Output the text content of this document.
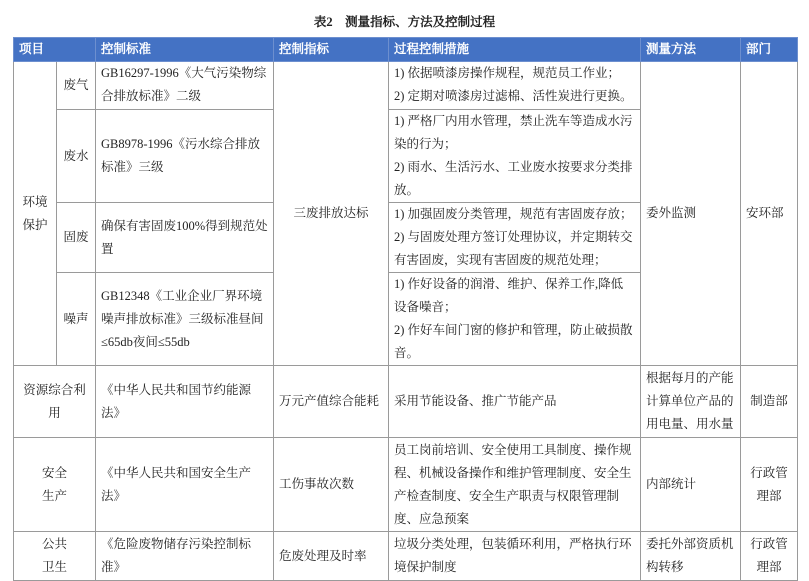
表2　测量指标、方法及控制过程
项目		控制标准	控制指标	过程控制措施	测量方法	部门
环境保护	废气	GB16297-1996《大气污染物综合排放标准》二级	三废排放达标	1) 依据喷漆房操作规程，规范员工作业；

2) 定期对喷漆房过滤棉、活性炭进行更换。	委外监测	安环部
	废水	GB8978-1996《污水综合排放标准》三级		1) 严格厂内用水管理，禁止洗车等造成水污染的行为；

2) 雨水、生活污水、工业废水按要求分类排放。		

	固废	确保有害固废100%得到规范处置		1) 加强固废分类管理，规范有害固废存放；

2) 与固废处理方签订处理协议，并定期转交有害固废，实现有害固废的规范处理；		

	噪声	GB12348《工业企业厂界环境噪声排放标准》三级标准昼间≤65db夜间≤55db		1) 作好设备的润滑、维护、保养工作,降低设备噪音；

2) 作好车间门窗的修护和管理，防止破损散音。		

资源综合利用		《中华人民共和国节约能源法》	万元产值综合能耗	采用节能设备、推广节能产品	根据每月的产能计算单位产品的用电量、用水量	制造部
安全生产		《中华人民共和国安全生产法》	工伤事故次数	员工岗前培训、安全使用工具制度、操作规程、机械设备操作和维护管理制度、安全生产检查制度、安全生产职责与权限管理制度、应急预案	内部统计	行政管理部
公共卫生		《危险废物储存污染控制标准》	危废处理及时率	垃圾分类处理，包装循环利用，严格执行环境保护制度	委托外部资质机构转移	行政管理部
